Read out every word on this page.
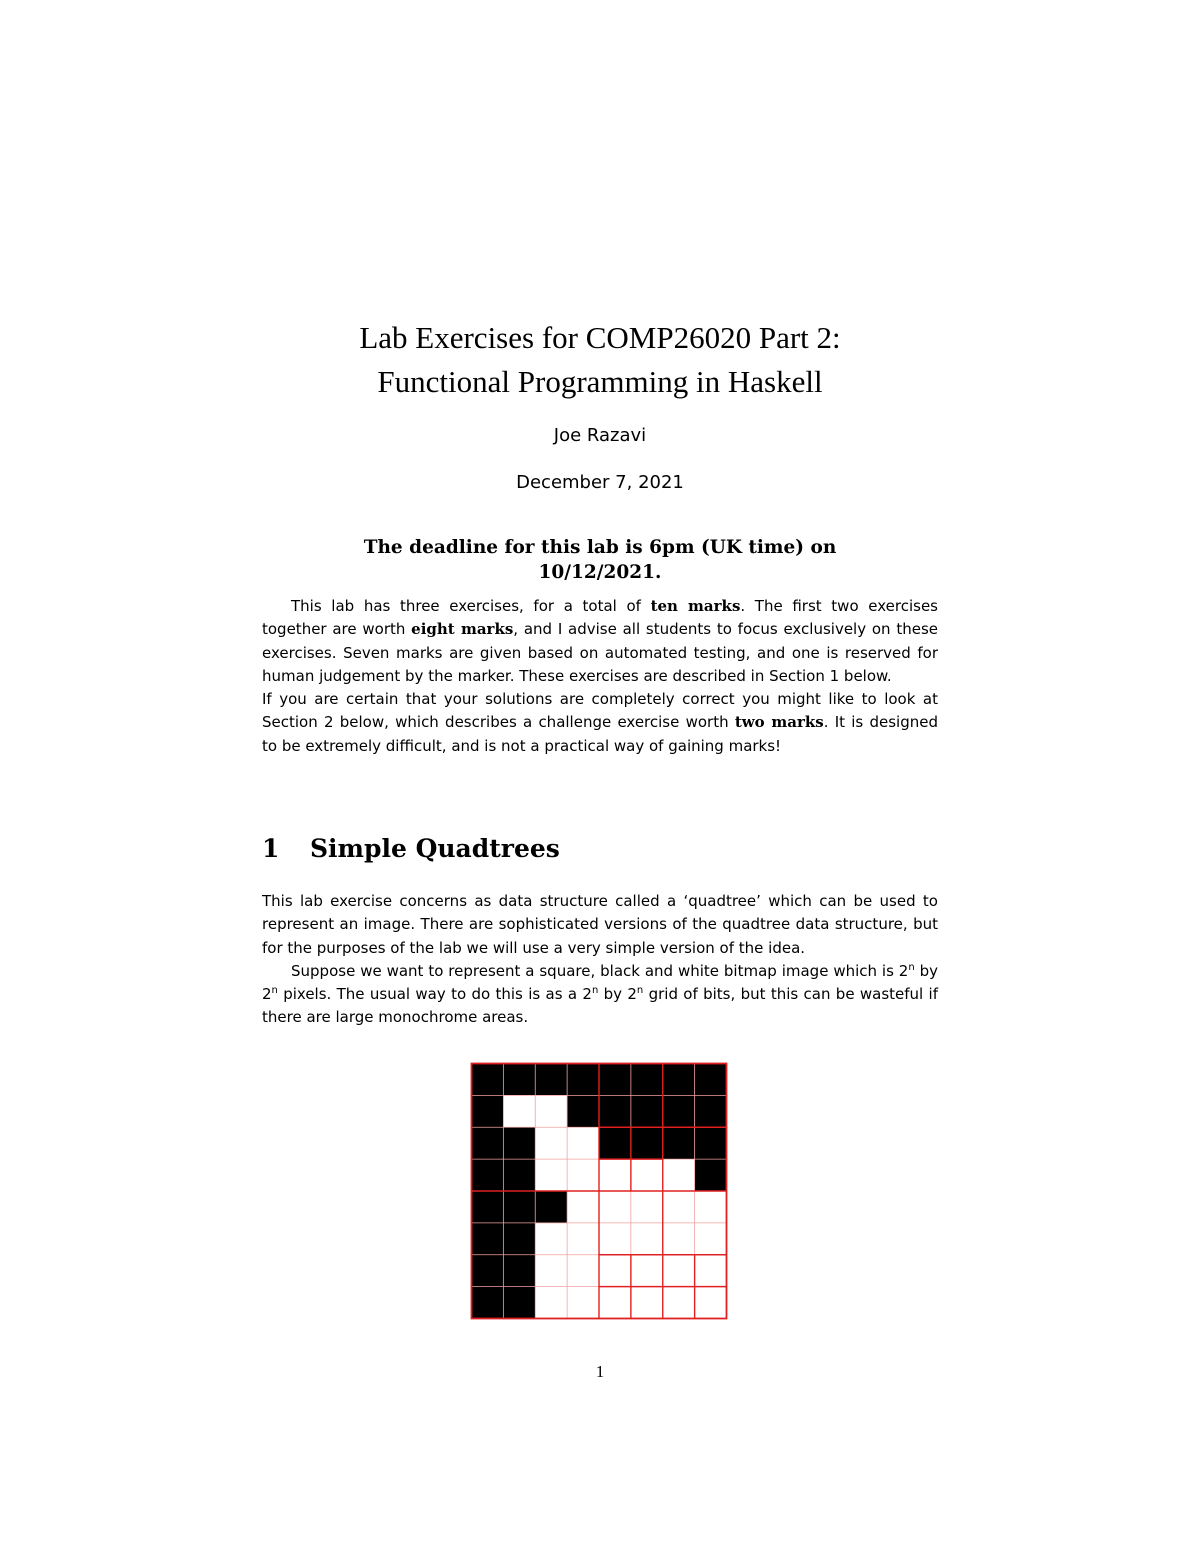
Lab Exercises for COMP26020 Part 2:
Functional Programming in Haskell
Joe Razavi
December 7, 2021
The deadline for this lab is 6pm (UK time) on
10/12/2021.

This lab has three exercises, for a total of ten marks. The first two exercises together are worth eight marks, and I advise all students to focus exclusively on these exercises. Seven marks are given based on automated testing, and one is reserved for human judgement by the marker. These exercises are described in Section 1 below.

If you are certain that your solutions are completely correct you might like to look at Section 2 below, which describes a challenge exercise worth two marks. It is designed to be extremely difficult, and is not a practical way of gaining marks!

1 Simple Quadtrees

This lab exercise concerns as data structure called a ‘quadtree’ which can be used to represent an image. There are sophisticated versions of the quadtree data structure, but for the purposes of the lab we will use a very simple version of the idea.

Suppose we want to represent a square, black and white bitmap image which is 2$^n$ by 2$^n$ pixels. The usual way to do this is as a 2$^n$ by 2$^n$ grid of bits, but this can be wasteful if there are large monochrome areas.

1
